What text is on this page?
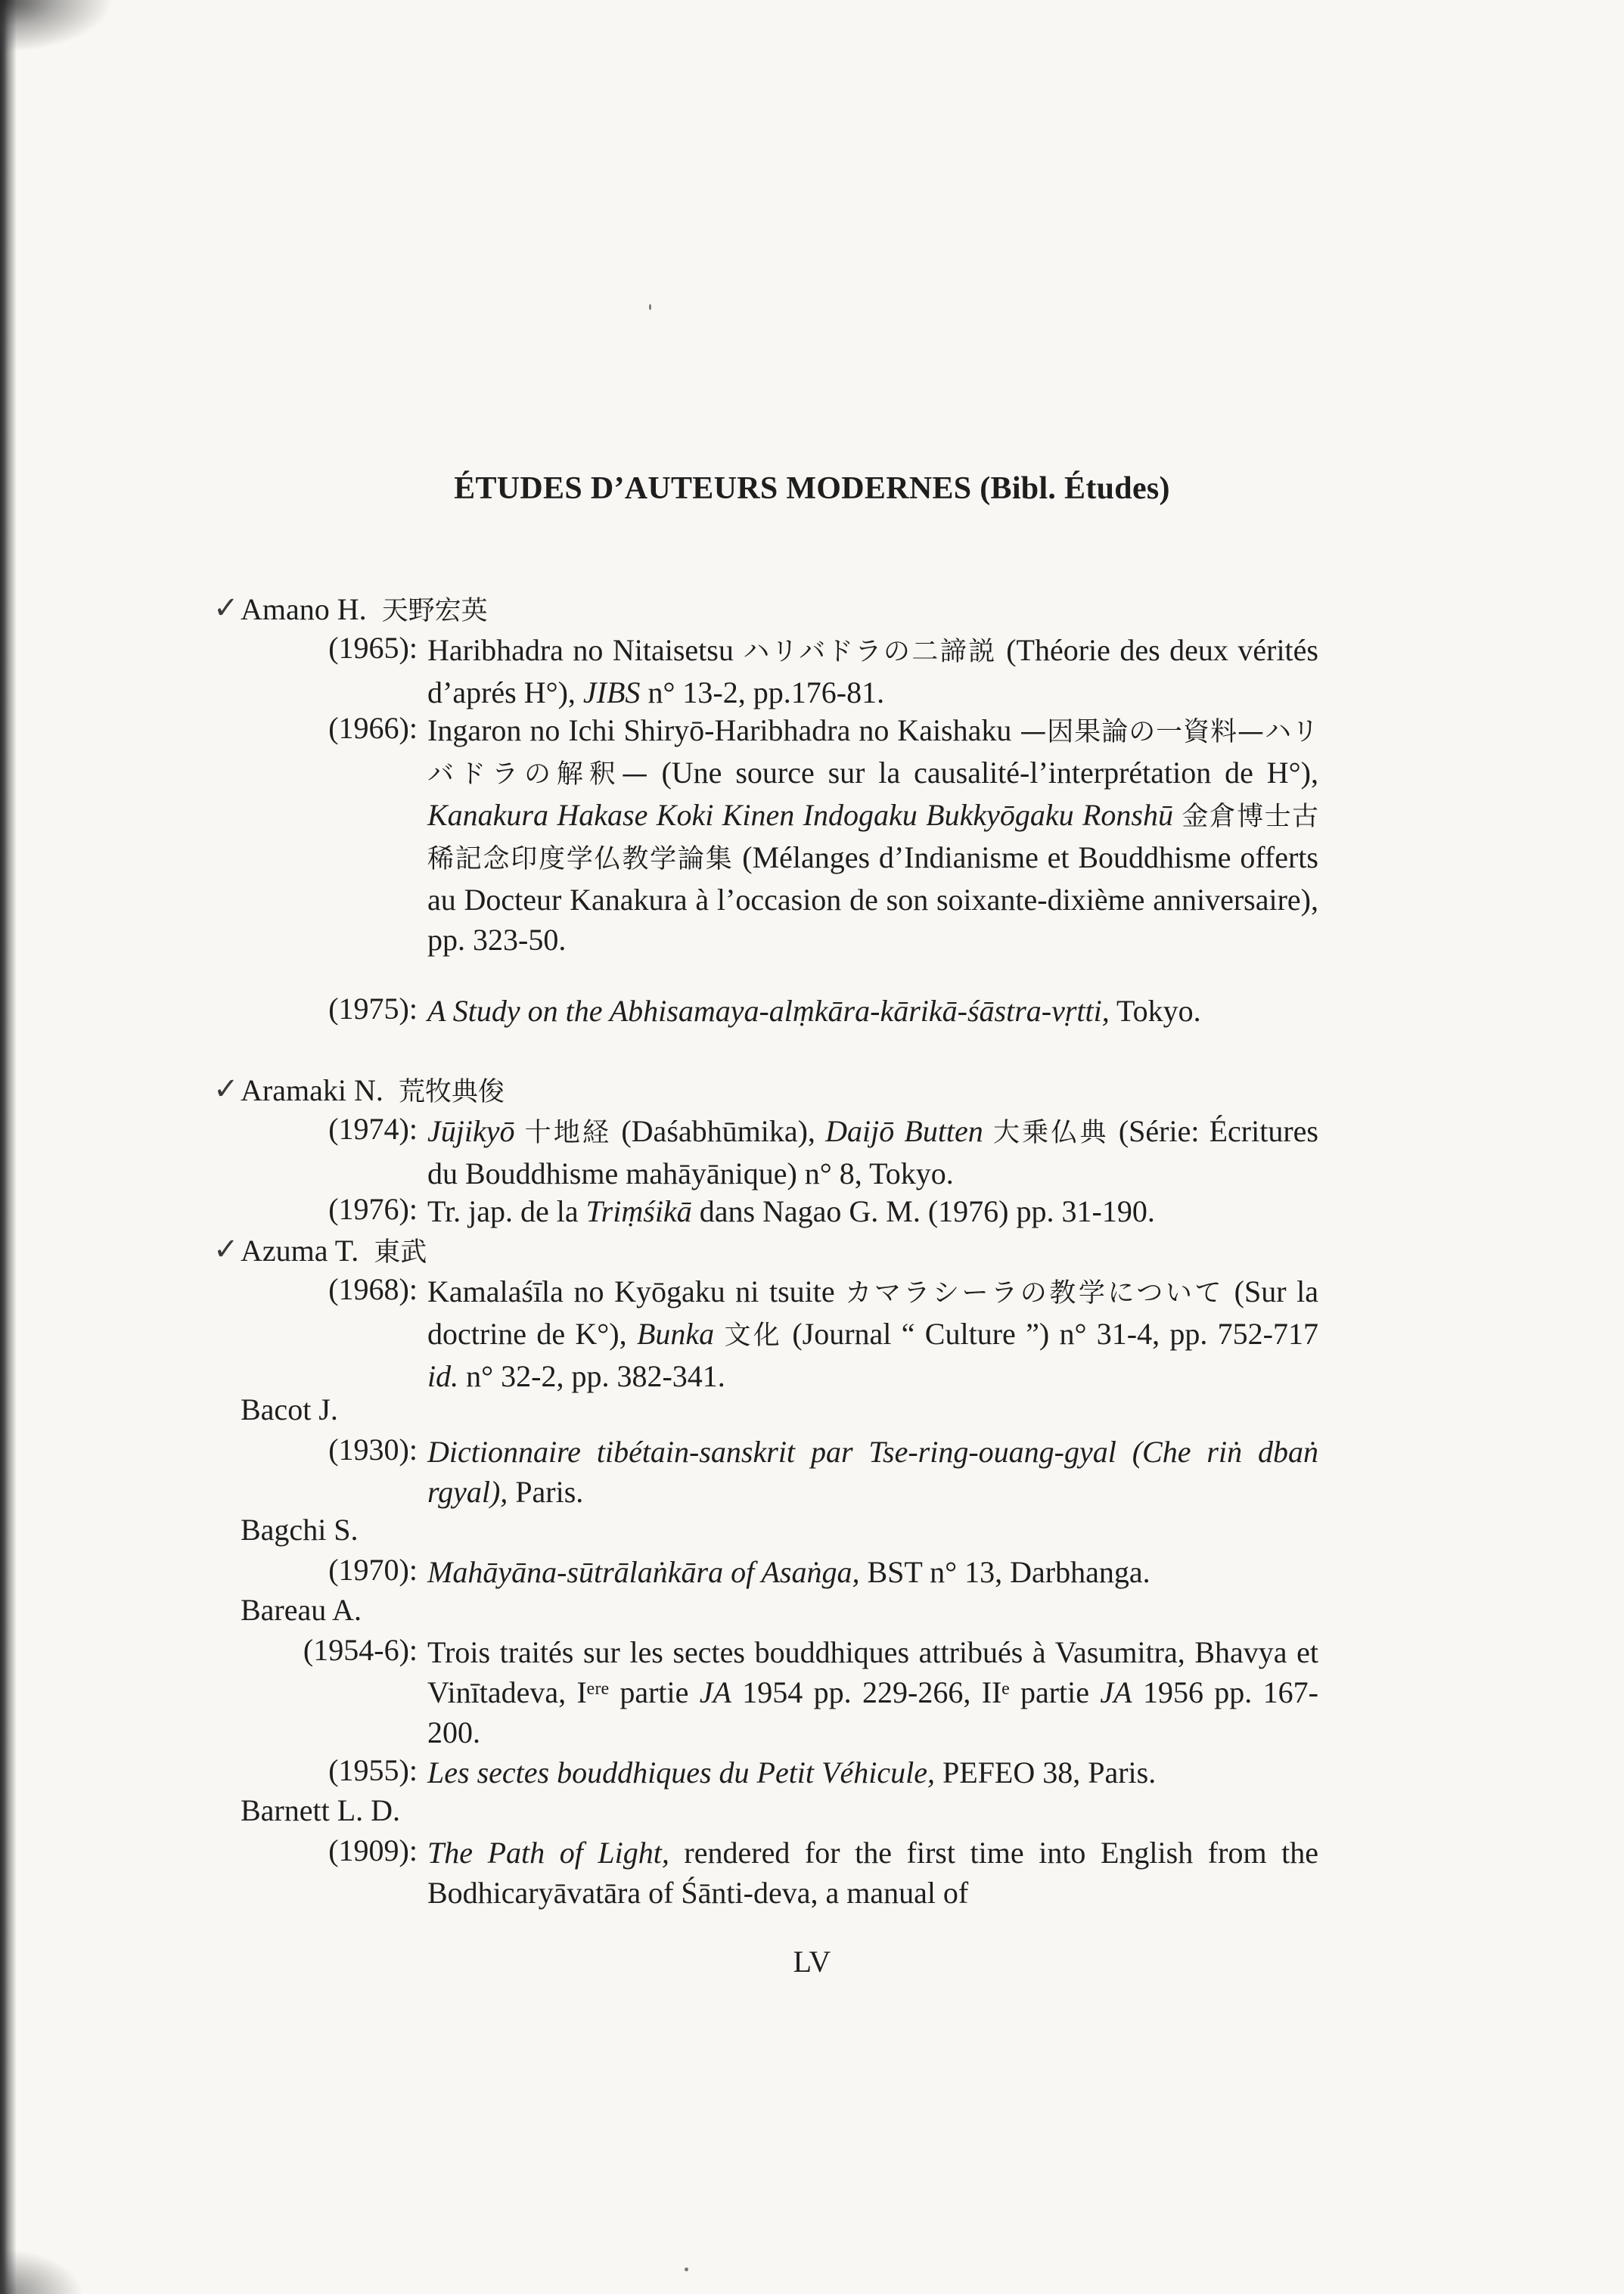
ÉTUDES D’AUTEURS MODERNES (Bibl. Études)
✓ Amano H. 天野宏英
(1965): Haribhadra no Nitaisetsu ハリバドラの二諦説 (Théorie des deux vérités d’aprés H°), JIBS n° 13-2, pp.176-81.
(1966): Ingaron no Ichi Shiryō-Haribhadra no Kaishaku —因果論の一資料—ハリバドラの解釈— (Une source sur la causalité-l’interprétation de H°), Kanakura Hakase Koki Kinen Indogaku Bukkyōgaku Ronshū 金倉博士古稀記念印度学仏教学論集 (Mélanges d’Indianisme et Bouddhisme offerts au Docteur Kanakura à l’occasion de son soixante-dixième anniversaire), pp. 323-50.
(1975): A Study on the Abhisamaya-alṃkāra-kārikā-śāstra-vṛtti, Tokyo.
✓ Aramaki N. 荒牧典俊
(1974): Jūjikyō 十地経 (Daśabhūmika), Daijō Butten 大乗仏典 (Série: Écritures du Bouddhisme mahāyānique) n° 8, Tokyo.
(1976): Tr. jap. de la Triṃśikā dans Nagao G. M. (1976) pp. 31-190.
✓ Azuma T. 東武
(1968): Kamalaśīla no Kyōgaku ni tsuite カマラシーラの教学について (Sur la doctrine de K°), Bunka 文化 (Journal “ Culture ”) n° 31-4, pp. 752-717 id. n° 32-2, pp. 382-341.
Bacot J.
(1930): Dictionnaire tibétain-sanskrit par Tse-ring-ouang-gyal (Che riṅ dbaṅ rgyal), Paris.
Bagchi S.
(1970): Mahāyāna-sūtrālaṅkāra of Asaṅga, BST n° 13, Darbhanga.
Bareau A.
(1954-6): Trois traités sur les sectes bouddhiques attribués à Vasumitra, Bhavya et Vinītadeva, Iᵉʳᵉ partie JA 1954 pp. 229-266, IIᵉ partie JA 1956 pp. 167-200.
(1955): Les sectes bouddhiques du Petit Véhicule, PEFEO 38, Paris.
Barnett L. D.
(1909): The Path of Light, rendered for the first time into English from the Bodhicaryāvatāra of Śānti-deva, a manual of
LV
